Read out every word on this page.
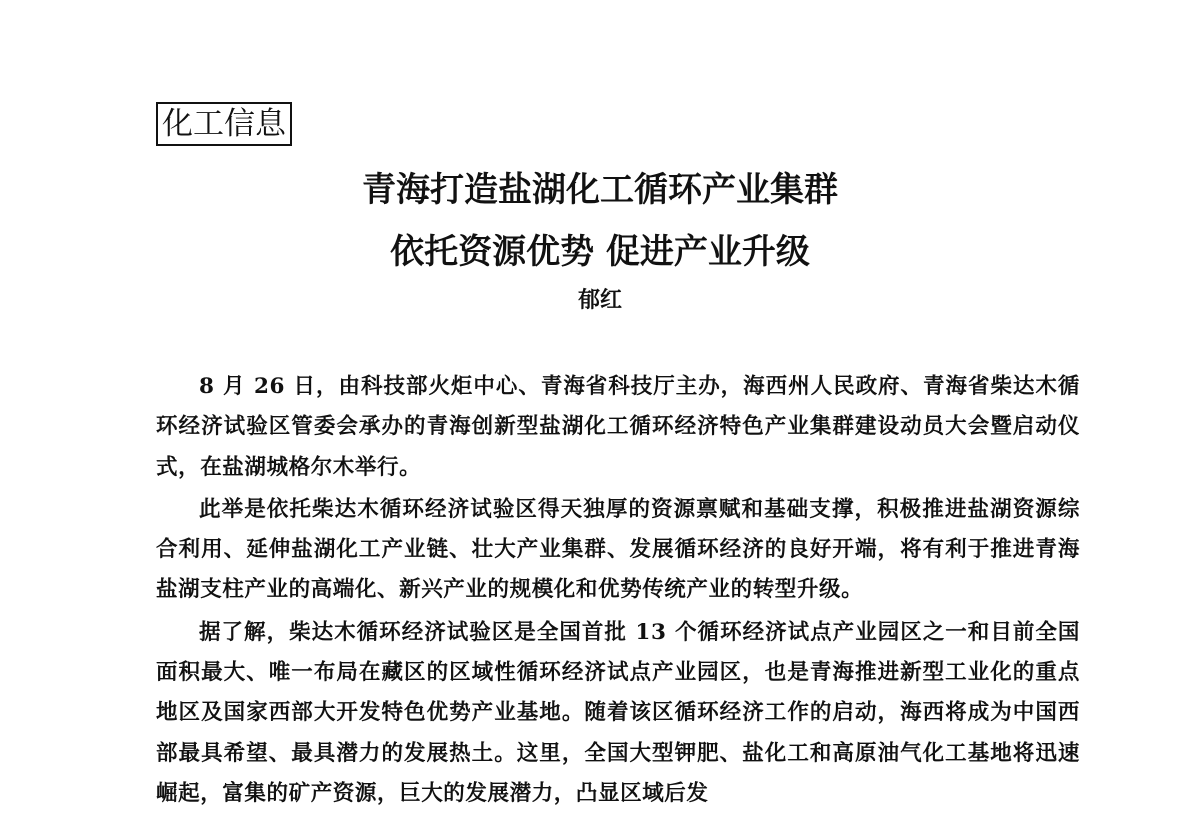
化工信息
青海打造盐湖化工循环产业集群
依托资源优势 促进产业升级
郁红

8 月 26 日，由科技部火炬中心、青海省科技厅主办，海西州人民政府、青海省柴达木循环经济试验区管委会承办的青海创新型盐湖化工循环经济特色产业集群建设动员大会暨启动仪式，在盐湖城格尔木举行。

此举是依托柴达木循环经济试验区得天独厚的资源禀赋和基础支撑，积极推进盐湖资源综合利用、延伸盐湖化工产业链、壮大产业集群、发展循环经济的良好开端，将有利于推进青海盐湖支柱产业的高端化、新兴产业的规模化和优势传统产业的转型升级。

据了解，柴达木循环经济试验区是全国首批 13 个循环经济试点产业园区之一和目前全国面积最大、唯一布局在藏区的区域性循环经济试点产业园区，也是青海推进新型工业化的重点地区及国家西部大开发特色优势产业基地。随着该区循环经济工作的启动，海西将成为中国西部最具希望、最具潜力的发展热土。这里，全国大型钾肥、盐化工和高原油气化工基地将迅速崛起，富集的矿产资源，巨大的发展潜力，凸显区域后发
